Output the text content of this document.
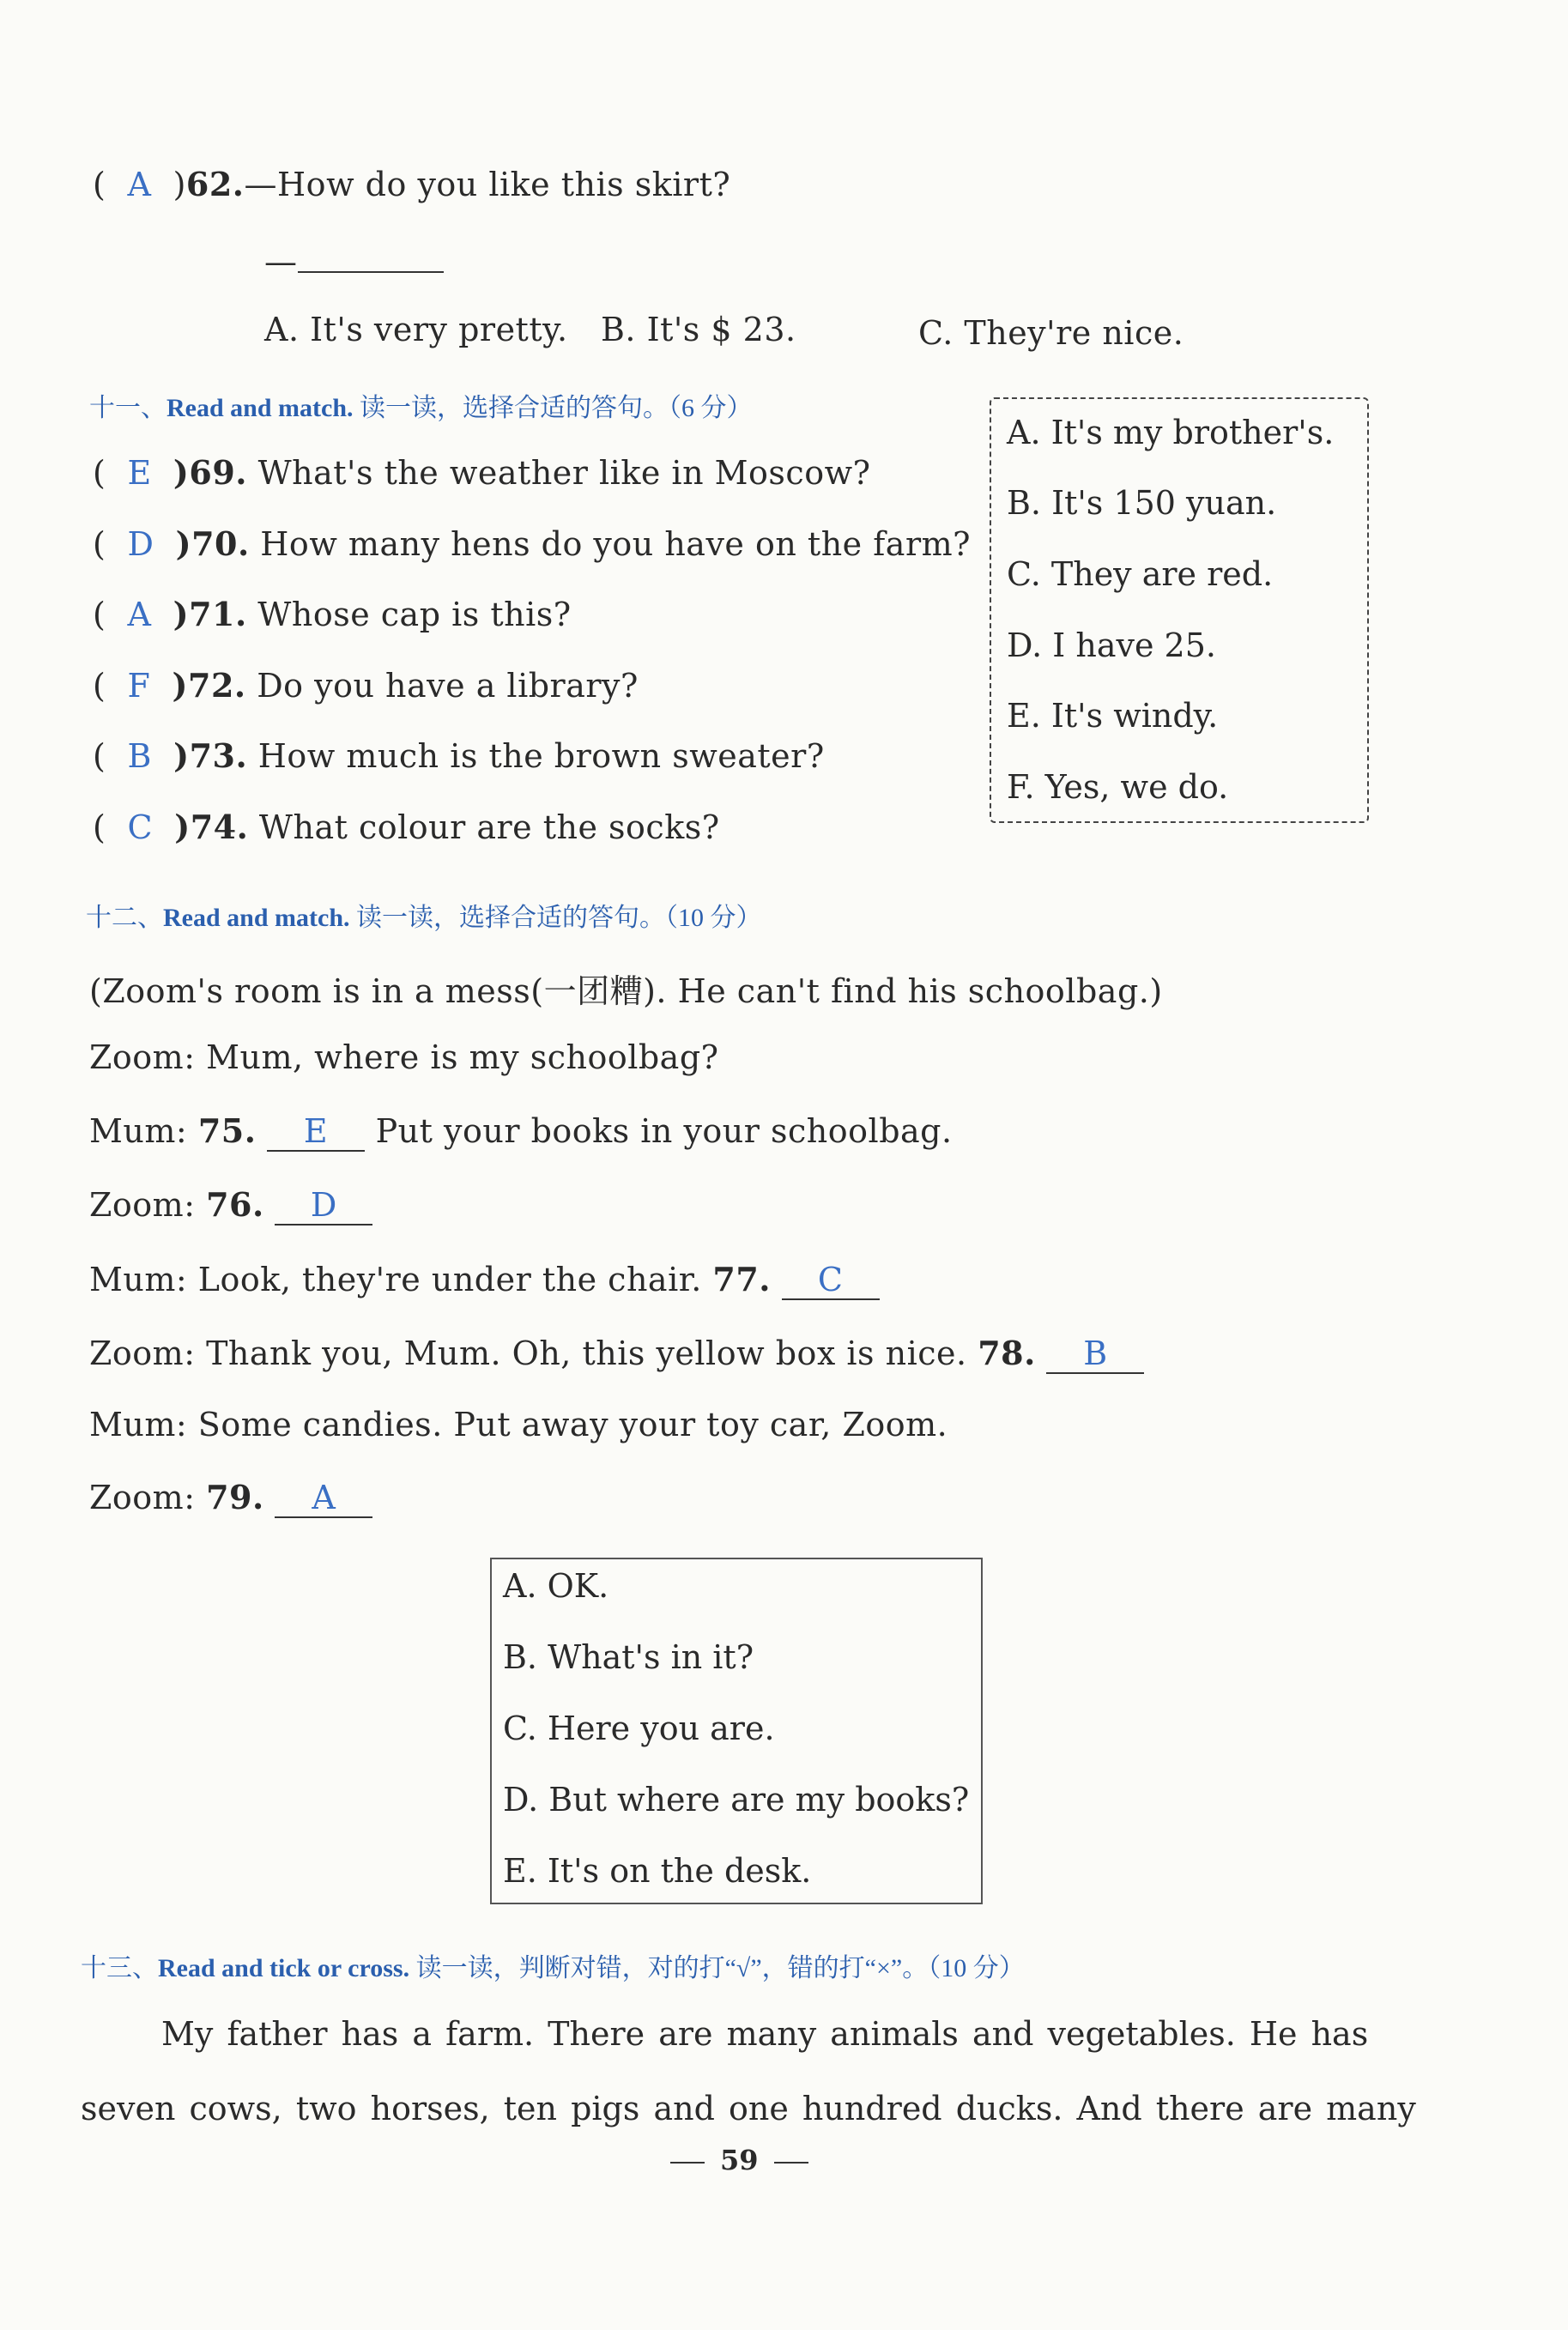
(  A  )62.—How do you like this skirt?
—
A. It's very pretty. B. It's $ 23.	C. They're nice.
十一、Read and match. 读一读，选择合适的答句。（6 分）
(  E )69. What's the weather like in Moscow?
(  D )70. How many hens do you have on the farm?
(  A )71. Whose cap is this?
(  F )72. Do you have a library?
(  B )73. How much is the brown sweater?
(  C )74. What colour are the socks?
A. It's my brother's.
B. It's 150 yuan.
C. They are red.
D. I have 25.
E. It's windy.
F. Yes, we do.
十二、Read and match. 读一读，选择合适的答句。（10 分）
(Zoom's room is in a mess(一团糟). He can't find his schoolbag.)
Zoom: Mum, where is my schoolbag?
Mum: 75. E Put your books in your schoolbag.
Zoom: 76. D
Mum: Look, they're under the chair. 77. C
Zoom: Thank you, Mum. Oh, this yellow box is nice. 78. B
Mum: Some candies. Put away your toy car, Zoom.
Zoom: 79. A
A. OK.
B. What's in it?
C. Here you are.
D. But where are my books?
E. It's on the desk.
十三、Read and tick or cross. 读一读，判断对错，对的打“√”，错的打“×”。（10 分）
My father has a farm. There are many animals and vegetables. He has
seven cows, two horses, ten pigs and one hundred ducks. And there are many
59
